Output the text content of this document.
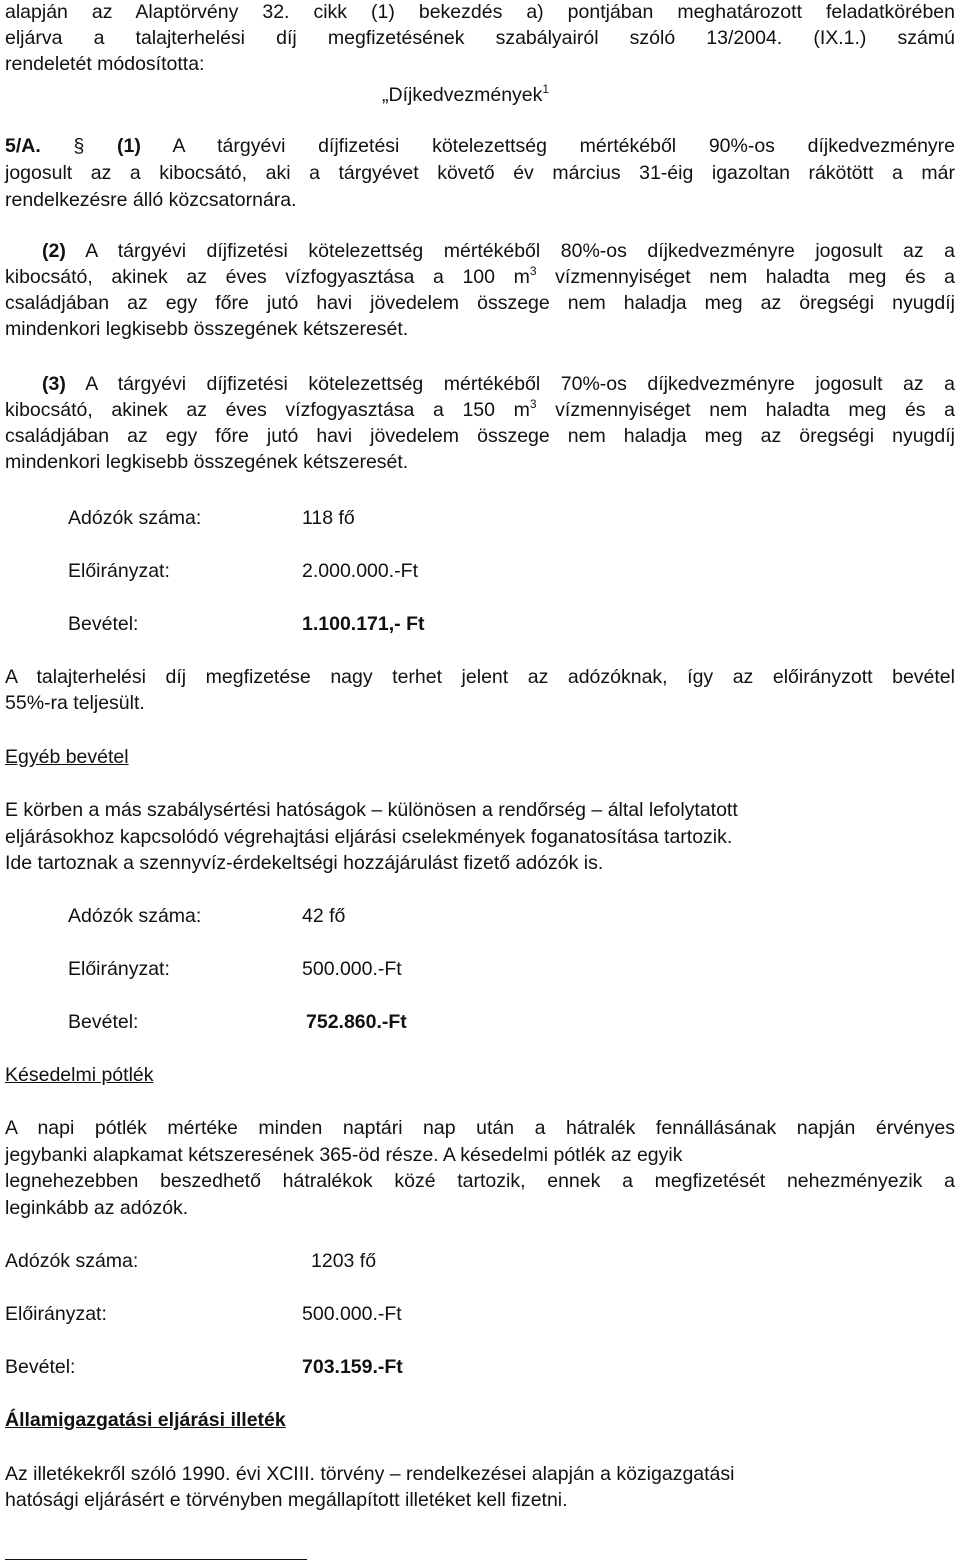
alapján az Alaptörvény 32. cikk (1) bekezdés a) pontjában meghatározott feladatkörében
eljárva a talajterhelési díj megfizetésének szabályairól szóló 13/2004. (IX.1.) számú
rendeletét módosította:
„Díjkedvezmények$^1$
5/A. § (1) A tárgyévi díjfizetési kötelezettség mértékéből 90%-os díjkedvezményre
jogosult az a kibocsátó, aki a tárgyévet követő év március 31-éig igazoltan rákötött a már
rendelkezésre álló közcsatornára.
(2) A tárgyévi díjfizetési kötelezettség mértékéből 80%-os díjkedvezményre jogosult az a
kibocsátó, akinek az éves vízfogyasztása a 100 $m^3$ vízmennyiséget nem haladta meg és a
családjában az egy főre jutó havi jövedelem összege nem haladja meg az öregségi nyugdíj
mindenkori legkisebb összegének kétszeresét.
(3) A tárgyévi díjfizetési kötelezettség mértékéből 70%-os díjkedvezményre jogosult az a
kibocsátó, akinek az éves vízfogyasztása a 150 $m^3$ vízmennyiséget nem haladta meg és a
családjában az egy főre jutó havi jövedelem összege nem haladja meg az öregségi nyugdíj
mindenkori legkisebb összegének kétszeresét.
Adózók száma:	118 fő
Előirányzat:	2.000.000.-Ft
Bevétel:	1.100.171,- Ft
A talajterhelési díj megfizetése nagy terhet jelent az adózóknak, így az előirányzott bevétel
55%-ra teljesült.
Egyéb bevétel
E körben a más szabálysértési hatóságok – különösen a rendőrség – által lefolytatott
eljárásokhoz kapcsolódó végrehajtási eljárási cselekmények foganatosítása tartozik.
Ide tartoznak a szennyvíz-érdekeltségi hozzájárulást fizető adózók is.
Adózók száma:	42 fő
Előirányzat:	500.000.-Ft
Bevétel:	752.860.-Ft
Késedelmi pótlék
A napi pótlék mértéke minden naptári nap után a hátralék fennállásának napján érvényes
jegybanki alapkamat kétszeresének 365-öd része. A késedelmi pótlék az egyik
legnehezebben beszedhető hátralékok közé tartozik, ennek a megfizetését nehezményezik a
leginkább az adózók.
Adózók száma:	1203 fő
Előirányzat:	500.000.-Ft
Bevétel:	703.159.-Ft
Államigazgatási eljárási illeték
Az illetékekről szóló 1990. évi XCIII. törvény – rendelkezései alapján a közigazgatási
hatósági eljárásért e törvényben megállapított illetéket kell fizetni.
